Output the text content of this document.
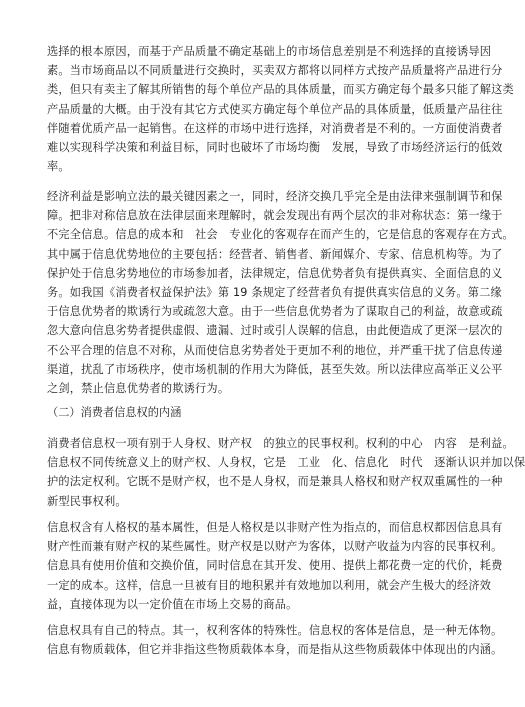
选择的根本原因，而基于产品质量不确定基础上的市场信息差别是不利选择的直接诱导因
素。当市场商品以不同质量进行交换时，买卖双方都将以同样方式按产品质量将产品进行分
类，但只有卖主了解其所销售的每个单位产品的具体质量，而买方确定每个最多只能了解这类
产品质量的大概。由于没有其它方式使买方确定每个单位产品的具体质量，低质量产品往往
伴随着优质产品一起销售。在这样的市场中进行选择，对消费者是不利的。一方面使消费者
难以实现科学决策和利益目标，同时也破坏了市场均衡　发展，导致了市场经济运行的低效
率。
经济利益是影响立法的最关键因素之一，同时，经济交换几乎完全是由法律来强制调节和保
障。把非对称信息放在法律层面来理解时，就会发现出有两个层次的非对称状态：第一缘于
不完全信息。信息的成本和　社会　专业化的客观存在而产生的，它是信息的客观存在方式。
其中属于信息优势地位的主要包括：经营者、销售者、新闻媒介、专家、信息机构等。为了
保护处于信息劣势地位的市场参加者，法律规定，信息优势者负有提供真实、全面信息的义
务。如我国《消费者权益保护法》第 19 条规定了经营者负有提供真实信息的义务。第二缘
于信息优势者的欺诱行为或疏忽大意。由于一些信息优势者为了谋取自己的利益，故意或疏
忽大意向信息劣势者提供虚假、遗漏、过时或引人误解的信息，由此便造成了更深一层次的
不公平合理的信息不对称，从而使信息劣势者处于更加不利的地位，并严重干扰了信息传递
渠道，扰乱了市场秩序，使市场机制的作用大为降低，甚至失效。所以法律应高举正义公平
之剑，禁止信息优势者的欺诱行为。
（二）消费者信息权的内涵
消费者信息权一项有别于人身权、财产权　的独立的民事权利。权利的中心　内容　是利益。
信息权不同传统意义上的财产权、人身权，它是　工业　化、信息化　时代　逐渐认识并加以保
护的法定权利。它既不是财产权，也不是人身权，而是兼具人格权和财产权双重属性的一种
新型民事权利。
信息权含有人格权的基本属性，但是人格权是以非财产性为指点的，而信息权都因信息具有
财产性而兼有财产权的某些属性。财产权是以财产为客体，以财产收益为内容的民事权利。
信息具有使用价值和交换价值，同时信息在其开发、使用、提供上都花费一定的代价，耗费
一定的成本。这样，信息一旦被有目的地积累并有效地加以利用，就会产生极大的经济效
益，直接体现为以一定价值在市场上交易的商品。
信息权具有自己的特点。其一，权利客体的特殊性。信息权的客体是信息，是一种无体物。
信息有物质载体，但它并非指这些物质载体本身，而是指从这些物质载体中体现出的内涵。
